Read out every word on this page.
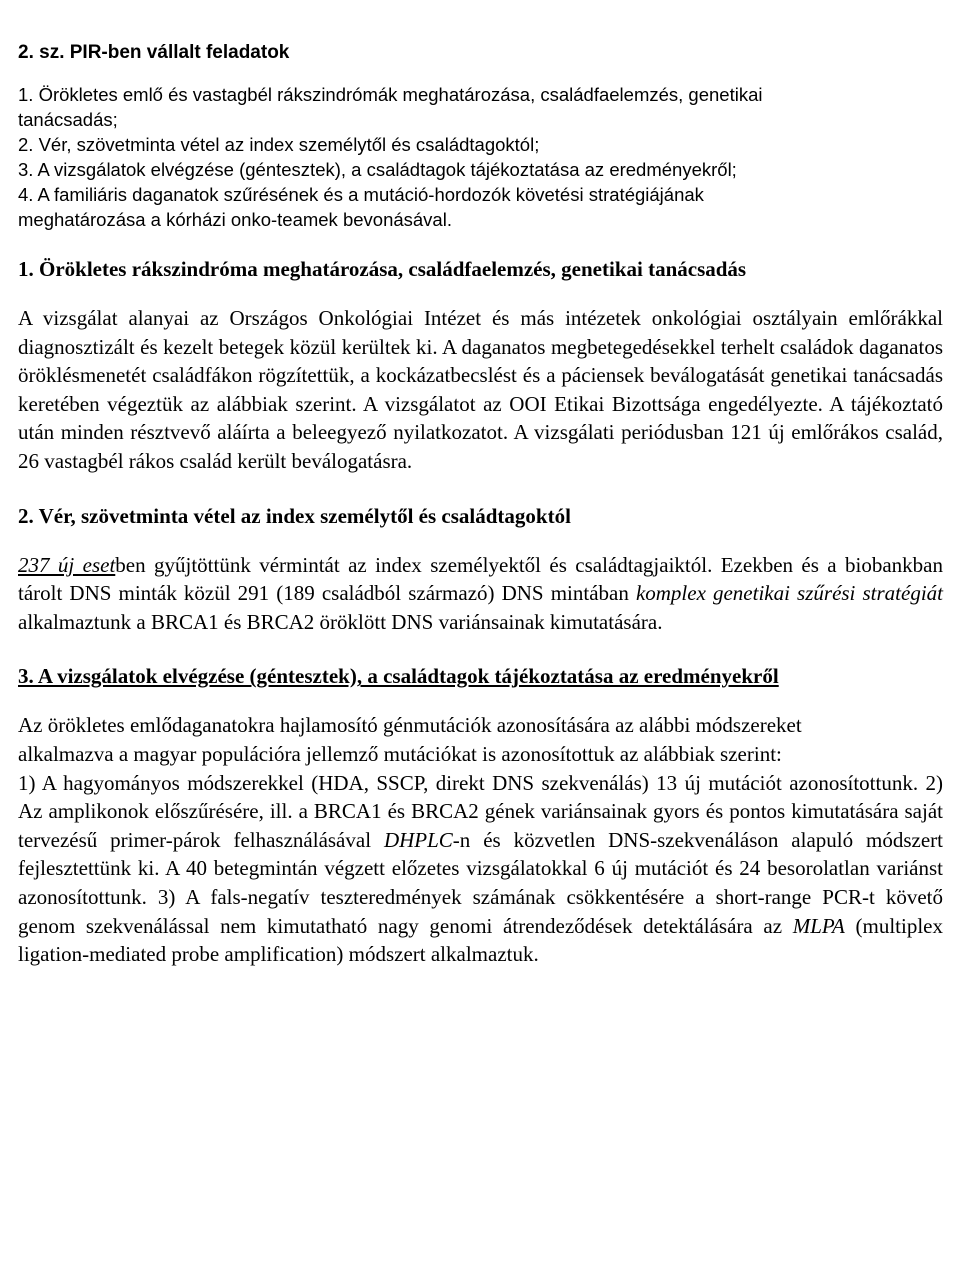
2. sz. PIR-ben vállalt feladatok

1. Örökletes emlő és vastagbél rákszindrómák meghatározása, családfaelemzés, genetikai

tanácsadás;

2. Vér, szövetminta vétel az index személytől és családtagoktól;

3. A vizsgálatok elvégzése (géntesztek), a családtagok tájékoztatása az eredményekről;

4. A familiáris daganatok szűrésének és a mutáció-hordozók követési stratégiájának

meghatározása a kórházi onko-teamek bevonásával.

1. Örökletes rákszindróma meghatározása, családfaelemzés, genetikai tanácsadás

A vizsgálat alanyai az Országos Onkológiai Intézet és más intézetek onkológiai osztályain emlőrákkal diagnosztizált és kezelt betegek közül kerültek ki. A daganatos megbetegedésekkel terhelt családok daganatos öröklésmenetét családfákon rögzítettük, a kockázatbecslést és a páciensek beválogatását genetikai tanácsadás keretében végeztük az alábbiak szerint. A vizsgálatot az OOI Etikai Bizottsága engedélyezte. A tájékoztató után minden résztvevő aláírta a beleegyező nyilatkozatot. A vizsgálati periódusban 121 új emlőrákos család, 26 vastagbél rákos család került beválogatásra.

2. Vér, szövetminta vétel az index személytől és családtagoktól

237 új esetben gyűjtöttünk vérmintát az index személyektől és családtagjaiktól. Ezekben és a biobankban tárolt DNS minták közül 291 (189 családból származó) DNS mintában komplex genetikai szűrési stratégiát alkalmaztunk a BRCA1 és BRCA2 öröklött DNS variánsainak kimutatására.

3. A vizsgálatok elvégzése (géntesztek), a családtagok tájékoztatása az eredményekről

Az örökletes emlődaganatokra hajlamosító génmutációk azonosítására az alábbi módszereket

alkalmazva a magyar populációra jellemző mutációkat is azonosítottuk az alábbiak szerint:

1) A hagyományos módszerekkel (HDA, SSCP, direkt DNS szekvenálás) 13 új mutációt azonosítottunk. 2) Az amplikonok előszűrésére, ill. a BRCA1 és BRCA2 gének variánsainak gyors és pontos kimutatására saját tervezésű primer-párok felhasználásával DHPLC-n és közvetlen DNS-szekvenáláson alapuló módszert fejlesztettünk ki. A 40 betegmintán végzett előzetes vizsgálatokkal 6 új mutációt és 24 besorolatlan variánst azonosítottunk. 3) A fals-negatív teszteredmények számának csökkentésére a short-range PCR-t követő genom szekvenálással nem kimutatható nagy genomi átrendeződések detektálására az MLPA (multiplex ligation-mediated probe amplification) módszert alkalmaztuk.
